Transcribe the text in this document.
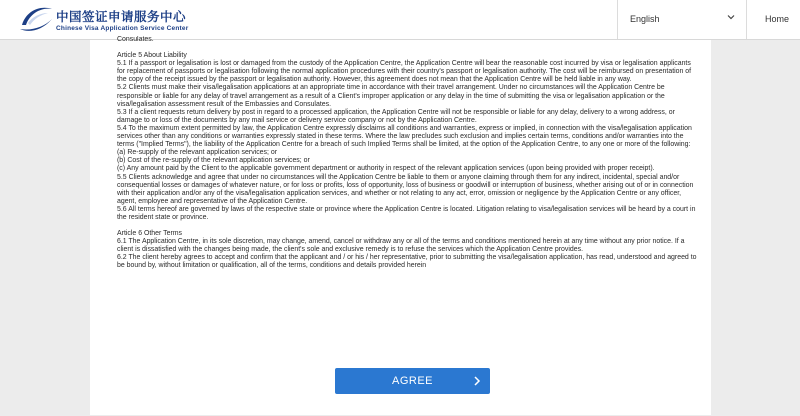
中国签证申请服务中心
Chinese Visa Application Service Center
English	Home

Consulates.

Article 5 About Liability

5.1 If a passport or legalisation is lost or damaged from the custody of the Application Centre, the Application Centre will bear the reasonable cost incurred by visa or legalisation applicants for replacement of passports or legalisation following the normal application procedures with their country's passport or legalisation authority. The cost will be reimbursed on presentation of the copy of the receipt issued by the passport or legalisation authority. However, this agreement does not mean that the Application Centre will be held liable in any way.

5.2 Clients must make their visa/legalisation applications at an appropriate time in accordance with their travel arrangement. Under no circumstances will the Application Centre be responsible or liable for any delay of travel arrangement as a result of a Client's improper application or any delay in the time of submitting the visa or legalisation application or the visa/legalisation assessment result of the Embassies and Consulates.

5.3 If a client requests return delivery by post in regard to a processed application, the Application Centre will not be responsible or liable for any delay, delivery to a wrong address, or damage to or loss of the documents by any mail service or delivery service company or not by the Application Centre.

5.4 To the maximum extent permitted by law, the Application Centre expressly disclaims all conditions and warranties, express or implied, in connection with the visa/legalisation application services other than any conditions or warranties expressly stated in these terms. Where the law precludes such exclusion and implies certain terms, conditions and/or warranties into the terms ("Implied Terms"), the liability of the Application Centre for a breach of such Implied Terms shall be limited, at the option of the Application Centre, to any one or more of the following:

(a) Re-supply of the relevant application services; or

(b) Cost of the re-supply of the relevant application services; or

(c) Any amount paid by the Client to the applicable government department or authority in respect of the relevant application services (upon being provided with proper receipt).

5.5 Clients acknowledge and agree that under no circumstances will the Application Centre be liable to them or anyone claiming through them for any indirect, incidental, special and/or consequential losses or damages of whatever nature, or for loss or profits, loss of opportunity, loss of business or goodwill or interruption of business, whether arising out of or in connection with their application and/or any of the visa/legalisation application services, and whether or not relating to any act, error, omission or negligence by the Application Centre or any officer, agent, employee and representative of the Application Centre.

5.6 All terms hereof are governed by laws of the respective state or province where the Application Centre is located. Litigation relating to visa/legalisation services will be heard by a court in the resident state or province.

Article 6 Other Terms

6.1 The Application Centre, in its sole discretion, may change, amend, cancel or withdraw any or all of the terms and conditions mentioned herein at any time without any prior notice. If a client is dissatisfied with the changes being made, the client's sole and exclusive remedy is to refuse the services which the Application Centre provides.

6.2 The client hereby agrees to accept and confirm that the applicant and / or his / her representative, prior to submitting the visa/legalisation application, has read, understood and agreed to be bound by, without limitation or qualification, all of the terms, conditions and details provided herein

AGREE
